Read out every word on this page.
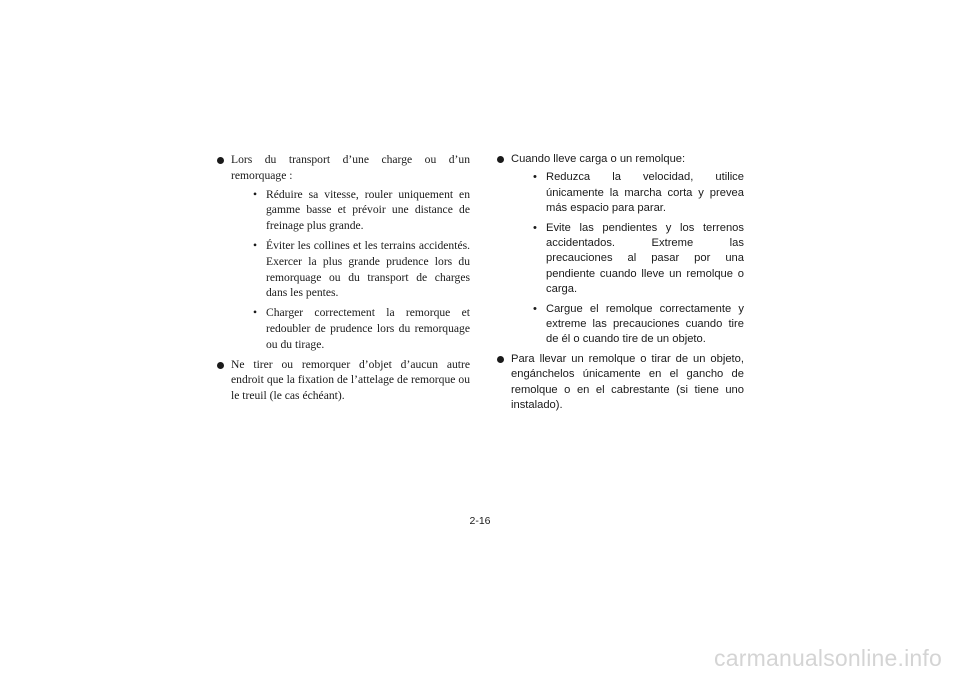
Lors du transport d’une charge ou d’un remorquage :
• Réduire sa vitesse, rouler uniquement en gamme basse et prévoir une distance de freinage plus grande.
• Éviter les collines et les terrains accidentés. Exercer la plus grande prudence lors du remorquage ou du transport de charges dans les pentes.
• Charger correctement la remorque et redoubler de prudence lors du remorquage ou du tirage.
Ne tirer ou remorquer d’objet d’aucun autre endroit que la fixation de l’attelage de remorque ou le treuil (le cas échéant).
Cuando lleve carga o un remolque:
• Reduzca la velocidad, utilice únicamente la marcha corta y prevea más espacio para parar.
• Evite las pendientes y los terrenos accidentados. Extreme las precauciones al pasar por una pendiente cuando lleve un remolque o carga.
• Cargue el remolque correctamente y extreme las precauciones cuando tire de él o cuando tire de un objeto.
Para llevar un remolque o tirar de un objeto, engánchelos únicamente en el gancho de remolque o en el cabrestante (si tiene uno instalado).
2-16
carmanualsonline.info
